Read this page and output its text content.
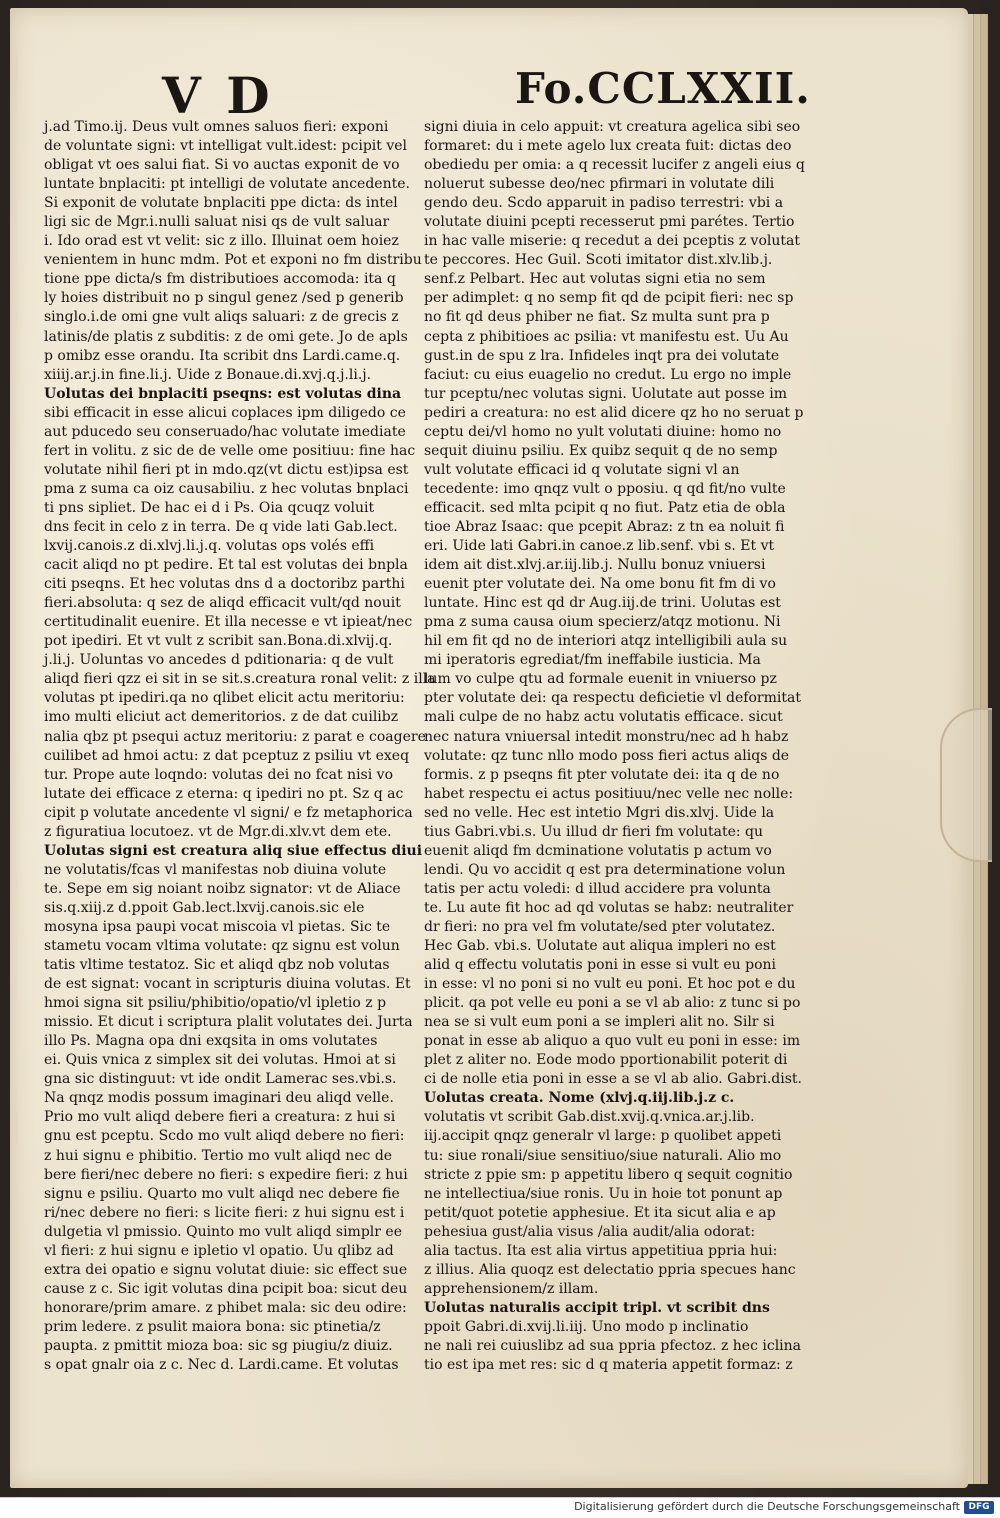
V D	Fo.CCLXXII.
j.ad Timo.ij. Deus vult omnes saluos fieri: exponi
de voluntate signi: vt intelligat vult.idest: pcipit vel
obligat vt oes salui fiat. Si vo auctas exponit de vo
luntate bnplaciti: pt intelligi de volutate ancedente.
Si exponit de volutate bnplaciti ppe dicta: ds intel
ligi sic de Mgr.i.nulli saluat nisi qs de vult saluar
i. Ido orad est vt velit: sic z illo. Illuinat oem hoiez
venientem in hunc mdm. Pot et exponi no fm distribu
tione ppe dicta/s fm distributioes accomoda: ita q
ly hoies distribuit no p singul genez /sed p generib
singlo.i.de omi gne vult aliqs saluari: z de grecis z
latinis/de platis z subditis: z de omi gete. Jo de apls
p omibz esse orandu. Ita scribit dns Lardi.came.q.
xiiij.ar.j.in fine.li.j. Uide z Bonaue.di.xvj.q.j.li.j.
Uolutas dei bnplaciti pseqns: est volutas dina
sibi efficacit in esse alicui coplaces ipm diligedo ce
aut pducedo seu conseruado/hac volutate imediate
fert in volitu. z sic de de velle ome positiuu: fine hac
volutate nihil fieri pt in mdo.qz(vt dictu est)ipsa est
pma z suma ca oiz causabiliu. z hec volutas bnplaci
ti pns sipliet. De hac ei d i Ps. Oia qcuqz voluit
dns fecit in celo z in terra. De q vide lati Gab.lect.
lxvij.canois.z di.xlvj.li.j.q. volutas ops volés effi
cacit aliqd no pt pedire. Et tal est volutas dei bnpla
citi pseqns. Et hec volutas dns d a doctoribz parthi
fieri.absoluta: q sez de aliqd efficacit vult/qd nouit
certitudinalit euenire. Et illa necesse e vt ipieat/nec
pot ipediri. Et vt vult z scribit san.Bona.di.xlvij.q.
j.li.j. Uoluntas vo ancedes d pditionaria: q de vult
aliqd fieri qzz ei sit in se sit.s.creatura ronal velit: z illa
volutas pt ipediri.qa no qlibet elicit actu meritoriu:
imo multi eliciut act demeritorios. z de dat cuilibz
nalia qbz pt psequi actuz meritoriu: z parat e coagere
cuilibet ad hmoi actu: z dat pceptuz z psiliu vt exeq
tur. Prope aute loqndo: volutas dei no fcat nisi vo
lutate dei efficace z eterna: q ipediri no pt. Sz q ac
cipit p volutate ancedente vl signi/ e fz metaphorica
z figuratiua locutoez. vt de Mgr.di.xlv.vt dem ete.
Uolutas signi est creatura aliq siue effectus diui
ne volutatis/fcas vl manifestas nob diuina volute
te. Sepe em sig noiant noibz signator: vt de Aliace
sis.q.xiij.z d.ppoit Gab.lect.lxvij.canois.sic ele
mosyna ipsa paupi vocat miscoia vl pietas. Sic te
stametu vocam vltima volutate: qz signu est volun
tatis vltime testatoz. Sic et aliqd qbz nob volutas
de est signat: vocant in scripturis diuina volutas. Et
hmoi signa sit psiliu/phibitio/opatio/vl ipletio z p
missio. Et dicut i scriptura plalit volutates dei. Jurta
illo Ps. Magna opa dni exqsita in oms volutates
ei. Quis vnica z simplex sit dei volutas. Hmoi at si
gna sic distinguut: vt ide ondit Lamerac ses.vbi.s.
Na qnqz modis possum imaginari deu aliqd velle.
Prio mo vult aliqd debere fieri a creatura: z hui si
gnu est pceptu. Scdo mo vult aliqd debere no fieri:
z hui signu e phibitio. Tertio mo vult aliqd nec de
bere fieri/nec debere no fieri: s expedire fieri: z hui
signu e psiliu. Quarto mo vult aliqd nec debere fie
ri/nec debere no fieri: s licite fieri: z hui signu est i
dulgetia vl pmissio. Quinto mo vult aliqd simplr ee
vl fieri: z hui signu e ipletio vl opatio. Uu qlibz ad
extra dei opatio e signu volutat diuie: sic effect sue
cause z c. Sic igit volutas dina pcipit boa: sicut deu
honorare/prim amare. z phibet mala: sic deu odire:
prim ledere. z psulit maiora bona: sic ptinetia/z
paupta. z pmittit mioza boa: sic sg piugiu/z diuiz.
s opat gnalr oia z c. Nec d. Lardi.came. Et volutas
signi diuia in celo appuit: vt creatura agelica sibi seo
formaret: du i mete agelo lux creata fuit: dictas deo
obediedu per omia: a q recessit lucifer z angeli eius q
noluerut subesse deo/nec pfirmari in volutate dili
gendo deu. Scdo apparuit in padiso terrestri: vbi a
volutate diuini pcepti recesserut pmi parétes. Tertio
in hac valle miserie: q recedut a dei pceptis z volutat
te peccores. Hec Guil. Scoti imitator dist.xlv.lib.j.
senf.z Pelbart. Hec aut volutas signi etia no sem
per adimplet: q no semp fit qd de pcipit fieri: nec sp
no fit qd deus phiber ne fiat. Sz multa sunt pra p
cepta z phibitioes ac psilia: vt manifestu est. Uu Au
gust.in de spu z lra. Infideles inqt pra dei volutate
faciut: cu eius euagelio no credut. Lu ergo no imple
tur pceptu/nec volutas signi. Uolutate aut posse im
pediri a creatura: no est alid dicere qz ho no seruat p
ceptu dei/vl homo no yult volutati diuine: homo no
sequit diuinu psiliu. Ex quibz sequit q de no semp
vult volutate efficaci id q volutate signi vl an
tecedente: imo qnqz vult o pposiu. q qd fit/no vulte
efficacit. sed mlta pcipit q no fiut. Patz etia de obla
tioe Abraz Isaac: que pcepit Abraz: z tn ea noluit fi
eri. Uide lati Gabri.in canoe.z lib.senf. vbi s. Et vt
idem ait dist.xlvj.ar.iij.lib.j. Nullu bonuz vniuersi
euenit pter volutate dei. Na ome bonu fit fm di vo
luntate. Hinc est qd dr Aug.iij.de trini. Uolutas est
pma z suma causa oium specierz/atqz motionu. Ni
hil em fit qd no de interiori atqz intelligibili aula su
mi iperatoris egrediat/fm ineffabile iusticia. Ma
lum vo culpe qtu ad formale euenit in vniuerso pz
pter volutate dei: qa respectu deficietie vl deformitat
mali culpe de no habz actu volutatis efficace. sicut
nec natura vniuersal intedit monstru/nec ad h habz
volutate: qz tunc nllo modo poss fieri actus aliqs de
formis. z p pseqns fit pter volutate dei: ita q de no
habet respectu ei actus positiuu/nec velle nec nolle:
sed no velle. Hec est intetio Mgri dis.xlvj. Uide la
tius Gabri.vbi.s. Uu illud dr fieri fm volutate: qu
euenit aliqd fm dcminatione volutatis p actum vo
lendi. Qu vo accidit q est pra determinatione volun
tatis per actu voledi: d illud accidere pra volunta
te. Lu aute fit hoc ad qd volutas se habz: neutraliter
dr fieri: no pra vel fm volutate/sed pter volutatez.
Hec Gab. vbi.s. Uolutate aut aliqua impleri no est
alid q effectu volutatis poni in esse si vult eu poni
in esse: vl no poni si no vult eu poni. Et hoc pot e du
plicit. qa pot velle eu poni a se vl ab alio: z tunc si po
nea se si vult eum poni a se impleri alit no. Silr si
ponat in esse ab aliquo a quo vult eu poni in esse: im
plet z aliter no. Eode modo pportionabilit poterit di
ci de nolle etia poni in esse a se vl ab alio. Gabri.dist.
Uolutas creata. Nome (xlvj.q.iij.lib.j.z c.
volutatis vt scribit Gab.dist.xvij.q.vnica.ar.j.lib.
iij.accipit qnqz generalr vl large: p quolibet appeti
tu: siue ronali/siue sensitiuo/siue naturali. Alio mo
stricte z ppie sm: p appetitu libero q sequit cognitio
ne intellectiua/siue ronis. Uu in hoie tot ponunt ap
petit/quot potetie apphesiue. Et ita sicut alia e ap
pehesiua gust/alia visus /alia audit/alia odorat:
alia tactus. Ita est alia virtus appetitiua ppria hui:
z illius. Alia quoqz est delectatio ppria specues hanc
apprehensionem/z illam.
Uolutas naturalis accipit tripl. vt scribit dns
ppoit Gabri.di.xvij.li.iij. Uno modo p inclinatio
ne nali rei cuiuslibz ad sua ppria pfectoz. z hec iclina
tio est ipa met res: sic d q materia appetit formaz: z
Digitalisierung gefördert durch die Deutsche Forschungsgemeinschaft DFG
